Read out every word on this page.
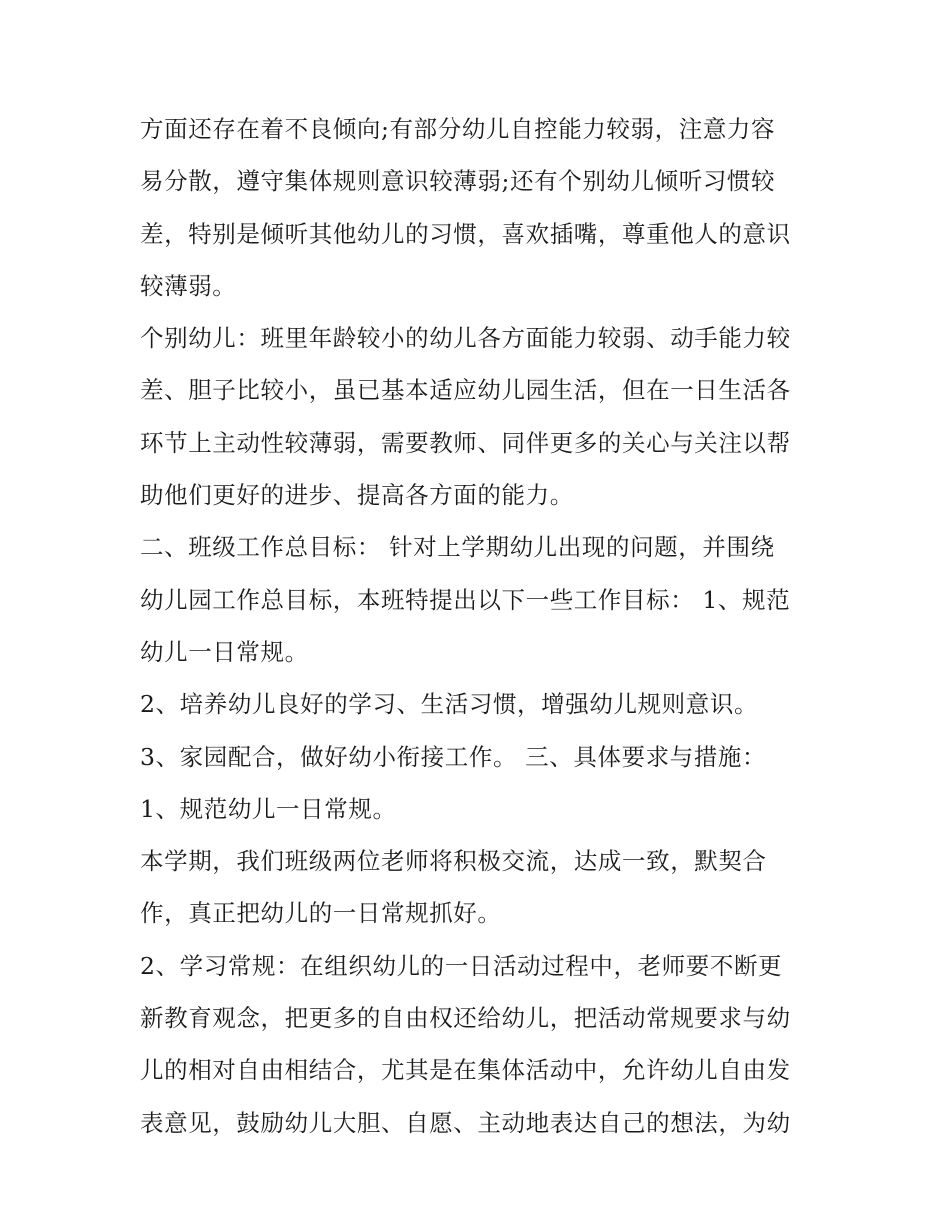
方面还存在着不良倾向;有部分幼儿自控能力较弱，注意力容
易分散，遵守集体规则意识较薄弱;还有个别幼儿倾听习惯较
差，特别是倾听其他幼儿的习惯，喜欢插嘴，尊重他人的意识
较薄弱。
个别幼儿：班里年龄较小的幼儿各方面能力较弱、动手能力较
差、胆子比较小，虽已基本适应幼儿园生活，但在一日生活各
环节上主动性较薄弱，需要教师、同伴更多的关心与关注以帮
助他们更好的进步、提高各方面的能力。
二、班级工作总目标： 针对上学期幼儿出现的问题，并围绕
幼儿园工作总目标，本班特提出以下一些工作目标： 1、规范
幼儿一日常规。
2、培养幼儿良好的学习、生活习惯，增强幼儿规则意识。
3、家园配合，做好幼小衔接工作。 三、具体要求与措施：
1、规范幼儿一日常规。
本学期，我们班级两位老师将积极交流，达成一致，默契合
作，真正把幼儿的一日常规抓好。
2、学习常规：在组织幼儿的一日活动过程中，老师要不断更
新教育观念，把更多的自由权还给幼儿，把活动常规要求与幼
儿的相对自由相结合，尤其是在集体活动中，允许幼儿自由发
表意见，鼓励幼儿大胆、自愿、主动地表达自己的想法，为幼
